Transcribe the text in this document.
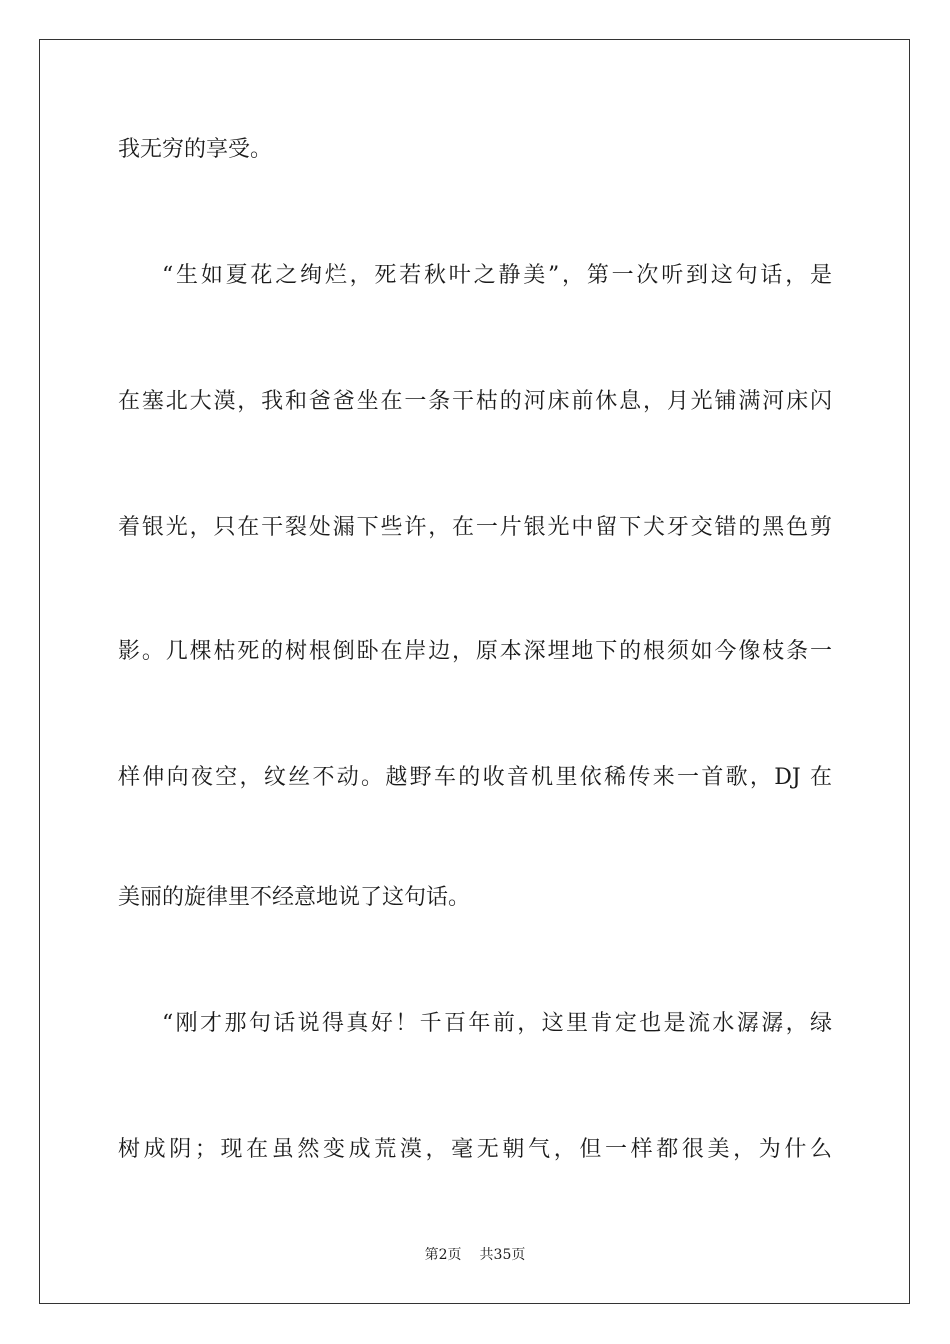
我无穷的享受。
“生如夏花之绚烂，死若秋叶之静美”，第一次听到这句话，是
在塞北大漠，我和爸爸坐在一条干枯的河床前休息，月光铺满河床闪
着银光，只在干裂处漏下些许，在一片银光中留下犬牙交错的黑色剪
影。几棵枯死的树根倒卧在岸边，原本深埋地下的根须如今像枝条一
样伸向夜空，纹丝不动。越野车的收音机里依稀传来一首歌，DJ 在
美丽的旋律里不经意地说了这句话。
“刚才那句话说得真好！千百年前，这里肯定也是流水潺潺，绿
树成阴；现在虽然变成荒漠，毫无朝气，但一样都很美，为什么
第2页 共35页
